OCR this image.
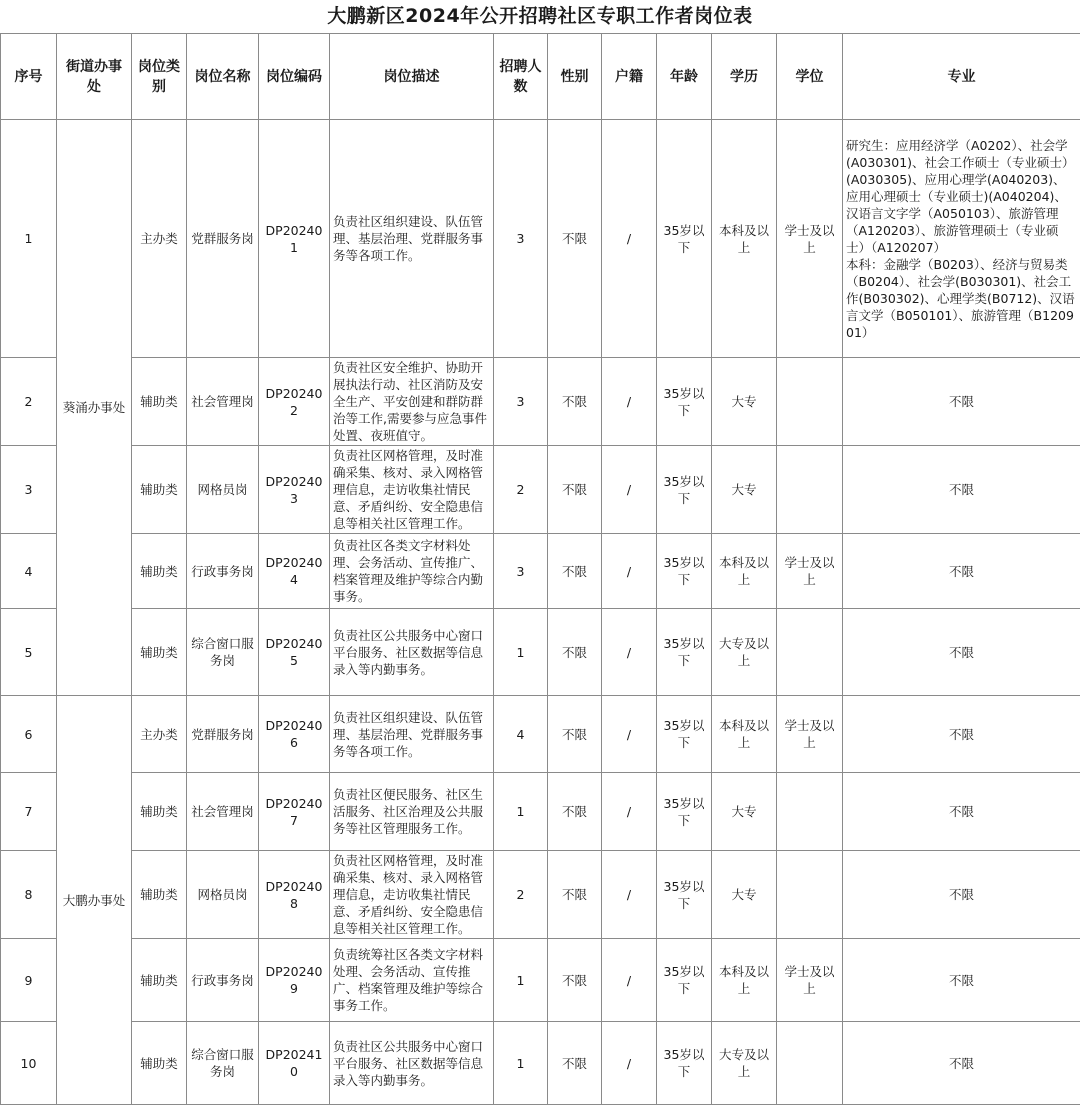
大鹏新区2024年公开招聘社区专职工作者岗位表
序号	街道办事处	岗位类别	岗位名称	岗位编码	岗位描述	招聘人数	性别	户籍	年龄	学历	学位	专业
1	葵涌办事处	主办类	党群服务岗	DP202401	负责社区组织建设、队伍管理、基层治理、党群服务事务等各项工作。	3	不限	/	35岁以下	本科及以上	学士及以上	研究生：应用经济学（A0202）、社会学(A030301)、社会工作硕士（专业硕士）(A030305)、应用心理学(A040203)、应用心理硕士（专业硕士)(A040204)、汉语言文字学（A050103）、旅游管理（A120203）、旅游管理硕士（专业硕士）（A120207）
本科：金融学（B0203）、经济与贸易类（B0204）、社会学(B030301)、社会工作(B030302)、心理学类(B0712)、汉语言文学（B050101）、旅游管理（B120901）
2		辅助类	社会管理岗	DP202402	负责社区安全维护、协助开展执法行动、社区消防及安全生产、平安创建和群防群治等工作,需要参与应急事件处置、夜班值守。	3	不限	/	35岁以下	大专		不限
3		辅助类	网格员岗	DP202403	负责社区网格管理，及时准确采集、核对、录入网格管理信息，走访收集社情民意、矛盾纠纷、安全隐患信息等相关社区管理工作。	2	不限	/	35岁以下	大专		不限
4		辅助类	行政事务岗	DP202404	负责社区各类文字材料处理、会务活动、宣传推广、档案管理及维护等综合内勤事务。	3	不限	/	35岁以下	本科及以上	学士及以上	不限
5		辅助类	综合窗口服务岗	DP202405	负责社区公共服务中心窗口平台服务、社区数据等信息录入等内勤事务。	1	不限	/	35岁以下	大专及以上		不限
6	大鹏办事处	主办类	党群服务岗	DP202406	负责社区组织建设、队伍管理、基层治理、党群服务事务等各项工作。	4	不限	/	35岁以下	本科及以上	学士及以上	不限
7		辅助类	社会管理岗	DP202407	负责社区便民服务、社区生活服务、社区治理及公共服务等社区管理服务工作。	1	不限	/	35岁以下	大专		不限
8		辅助类	网格员岗	DP202408	负责社区网格管理，及时准确采集、核对、录入网格管理信息，走访收集社情民意、矛盾纠纷、安全隐患信息等相关社区管理工作。	2	不限	/	35岁以下	大专		不限
9		辅助类	行政事务岗	DP202409	负责统筹社区各类文字材料处理、会务活动、宣传推广、档案管理及维护等综合事务工作。	1	不限	/	35岁以下	本科及以上	学士及以上	不限
10		辅助类	综合窗口服务岗	DP202410	负责社区公共服务中心窗口平台服务、社区数据等信息录入等内勤事务。	1	不限	/	35岁以下	大专及以上		不限
